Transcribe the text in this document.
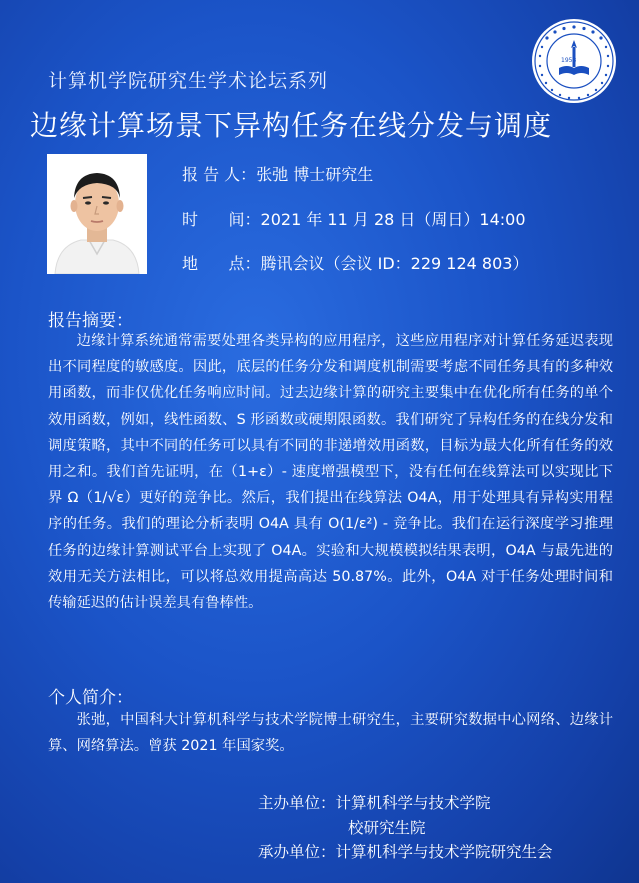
1958
计算机学院研究生学术论坛系列
边缘计算场景下异构任务在线分发与调度
报 告 人：张弛 博士研究生
时      间：2021 年 11 月 28 日（周日）14:00
地      点：腾讯会议（会议 ID：229 124 803）
报告摘要：

边缘计算系统通常需要处理各类异构的应用程序，这些应用程序对计算任务延迟表现出不同程度的敏感度。因此，底层的任务分发和调度机制需要考虑不同任务具有的多种效用函数，而非仅优化任务响应时间。过去边缘计算的研究主要集中在优化所有任务的单个效用函数，例如，线性函数、S 形函数或硬期限函数。我们研究了异构任务的在线分发和调度策略，其中不同的任务可以具有不同的非递增效用函数，目标为最大化所有任务的效用之和。我们首先证明，在（1+ε）- 速度增强模型下，没有任何在线算法可以实现比下界 Ω（1/√ε）更好的竞争比。然后，我们提出在线算法 O4A，用于处理具有异构实用程序的任务。我们的理论分析表明 O4A 具有 O(1/ε²) - 竞争比。我们在运行深度学习推理任务的边缘计算测试平台上实现了 O4A。实验和大规模模拟结果表明，O4A 与最先进的效用无关方法相比，可以将总效用提高高达 50.87%。此外，O4A 对于任务处理时间和传输延迟的估计误差具有鲁棒性。

个人简介：

张弛，中国科大计算机科学与技术学院博士研究生，主要研究数据中心网络、边缘计算、网络算法。曾获 2021 年国家奖。

主办单位：计算机科学与技术学院
校研究生院
承办单位：计算机科学与技术学院研究生会
